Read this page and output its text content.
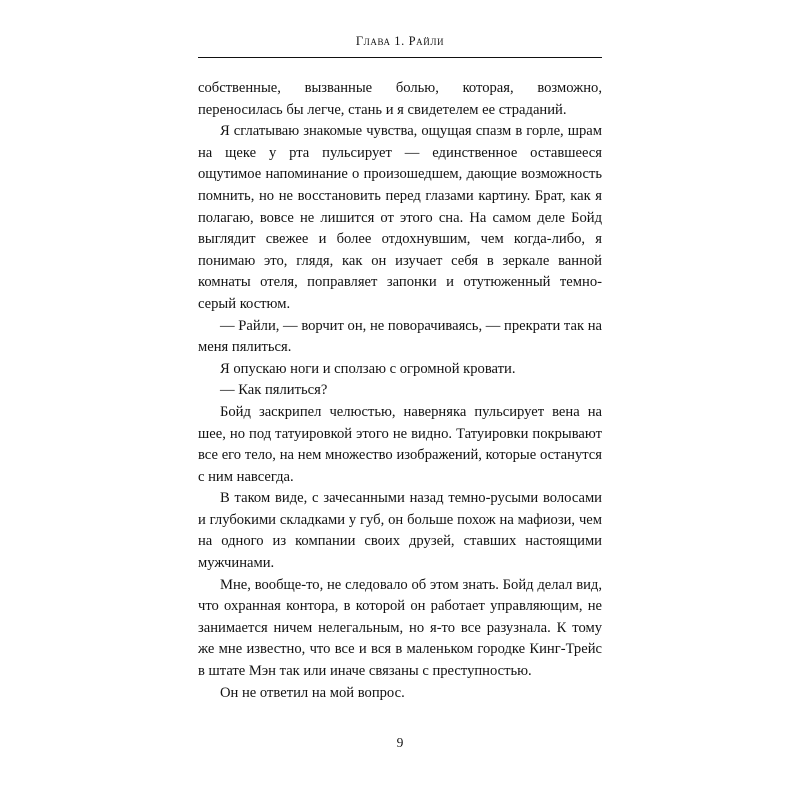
Глава 1. Райли

собственные, вызванные болью, которая, возможно, переносилась бы легче, стань и я свидетелем ее страданий.

Я сглатываю знакомые чувства, ощущая спазм в горле, шрам на щеке у рта пульсирует — единственное оставшееся ощутимое напоминание о произошедшем, дающие возможность помнить, но не восстановить перед глазами картину. Брат, как я полагаю, вовсе не лишится от этого сна. На самом деле Бойд выглядит свежее и более отдохнувшим, чем когда-либо, я понимаю это, глядя, как он изучает себя в зеркале ванной комнаты отеля, поправляет запонки и отутюженный темно-серый костюм.

— Райли, — ворчит он, не поворачиваясь, — прекрати так на меня пялиться.

Я опускаю ноги и сползаю с огромной кровати.

— Как пялиться?

Бойд заскрипел челюстью, наверняка пульсирует вена на шее, но под татуировкой этого не видно. Татуировки покрывают все его тело, на нем множество изображений, которые останутся с ним навсегда.

В таком виде, с зачесанными назад темно-русыми волосами и глубокими складками у губ, он больше похож на мафиози, чем на одного из компании своих друзей, ставших настоящими мужчинами.

Мне, вообще-то, не следовало об этом знать. Бойд делал вид, что охранная контора, в которой он работает управляющим, не занимается ничем нелегальным, но я-то все разузнала. К тому же мне известно, что все и вся в маленьком городке Кинг-Трейс в штате Мэн так или иначе связаны с преступностью.

Он не ответил на мой вопрос.

9
